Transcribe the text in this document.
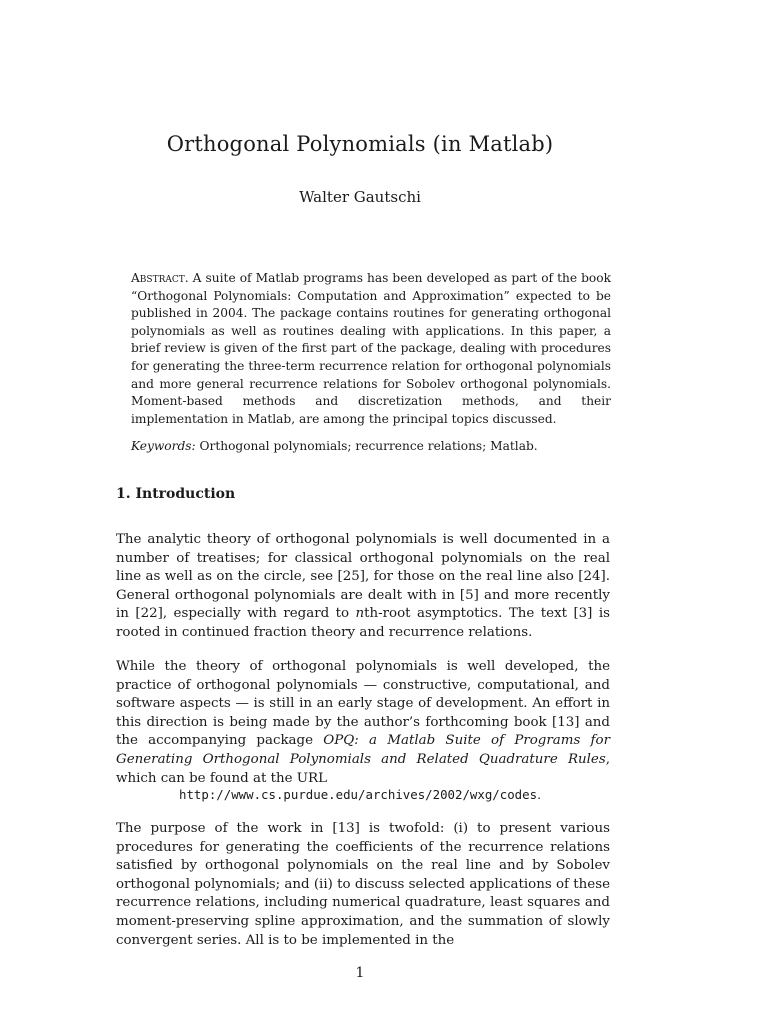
Orthogonal Polynomials (in Matlab)

Walter Gautschi

Abstract. A suite of Matlab programs has been developed as part of the book “Orthogonal Polynomials: Computation and Approximation” expected to be published in 2004. The package contains routines for generating orthogonal polynomials as well as routines dealing with applications. In this paper, a brief review is given of the first part of the package, dealing with procedures for generating the three-term recurrence relation for orthogonal polynomials and more general recurrence relations for Sobolev orthogonal polynomials. Moment-based methods and discretization methods, and their implementation in Matlab, are among the principal topics discussed.

Keywords: Orthogonal polynomials; recurrence relations; Matlab.

1. Introduction

The analytic theory of orthogonal polynomials is well documented in a number of treatises; for classical orthogonal polynomials on the real line as well as on the circle, see [25], for those on the real line also [24]. General orthogonal polynomials are dealt with in [5] and more recently in [22], especially with regard to nth-root asymptotics. The text [3] is rooted in continued fraction theory and recurrence relations.

While the theory of orthogonal polynomials is well developed, the practice of orthogonal polynomials — constructive, computational, and software aspects — is still in an early stage of development. An effort in this direction is being made by the author’s forthcoming book [13] and the accompanying package OPQ: a Matlab Suite of Programs for Generating Orthogonal Polynomials and Related Quadrature Rules, which can be found at the URL

http://www.cs.purdue.edu/archives/2002/wxg/codes.

The purpose of the work in [13] is twofold: (i) to present various procedures for generating the coefficients of the recurrence relations satisfied by orthogonal polynomials on the real line and by Sobolev orthogonal polynomials; and (ii) to discuss selected applications of these recurrence relations, including numerical quadrature, least squares and moment-preserving spline approximation, and the summation of slowly convergent series. All is to be implemented in the

1
